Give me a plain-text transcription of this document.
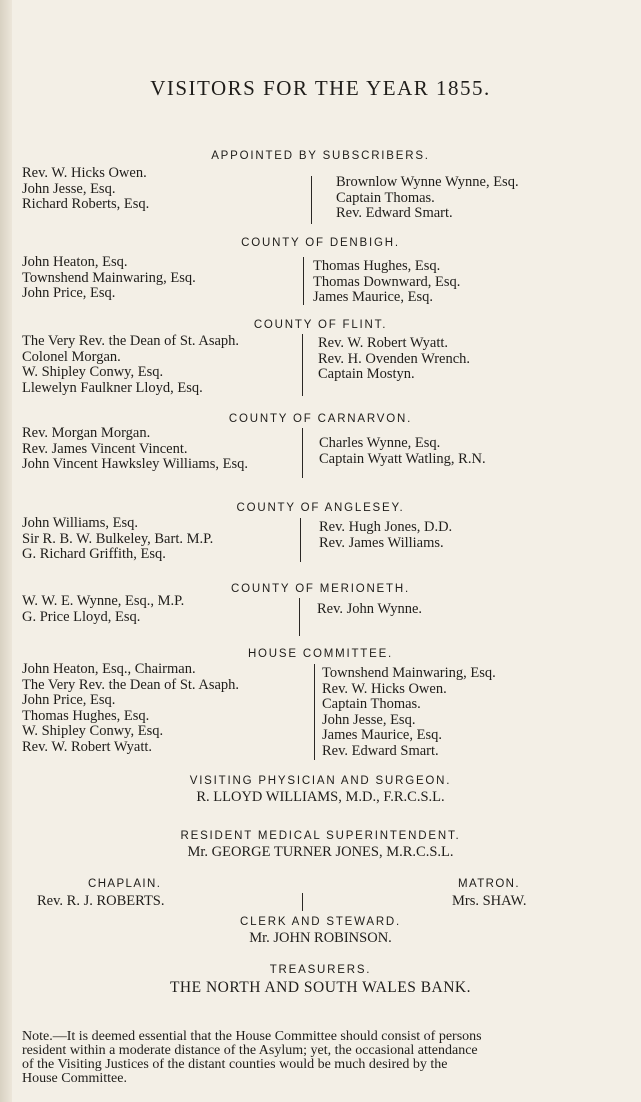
VISITORS FOR THE YEAR 1855.
APPOINTED BY SUBSCRIBERS.
Rev. W. Hicks Owen.
John Jesse, Esq.
Richard Roberts, Esq.
Brownlow Wynne Wynne, Esq.
Captain Thomas.
Rev. Edward Smart.
COUNTY OF DENBIGH.
John Heaton, Esq.
Townshend Mainwaring, Esq.
John Price, Esq.
Thomas Hughes, Esq.
Thomas Downward, Esq.
James Maurice, Esq.
COUNTY OF FLINT.
The Very Rev. the Dean of St. Asaph.
Colonel Morgan.
W. Shipley Conwy, Esq.
Llewelyn Faulkner Lloyd, Esq.
Rev. W. Robert Wyatt.
Rev. H. Ovenden Wrench.
Captain Mostyn.
COUNTY OF CARNARVON.
Rev. Morgan Morgan.
Rev. James Vincent Vincent.
John Vincent Hawksley Williams, Esq.
Charles Wynne, Esq.
Captain Wyatt Watling, R.N.
COUNTY OF ANGLESEY.
John Williams, Esq.
Sir R. B. W. Bulkeley, Bart. M.P.
G. Richard Griffith, Esq.
Rev. Hugh Jones, D.D.
Rev. James Williams.
COUNTY OF MERIONETH.
W. W. E. Wynne, Esq., M.P.
G. Price Lloyd, Esq.	Rev. John Wynne.
HOUSE COMMITTEE.
John Heaton, Esq., Chairman.
The Very Rev. the Dean of St. Asaph.
John Price, Esq.
Thomas Hughes, Esq.
W. Shipley Conwy, Esq.
Rev. W. Robert Wyatt.
Townshend Mainwaring, Esq.
Rev. W. Hicks Owen.
Captain Thomas.
John Jesse, Esq.
James Maurice, Esq.
Rev. Edward Smart.
VISITING PHYSICIAN AND SURGEON.
R. LLOYD WILLIAMS, M.D., F.R.C.S.L.
RESIDENT MEDICAL SUPERINTENDENT.
Mr. GEORGE TURNER JONES, M.R.C.S.L.
CHAPLAIN.
Rev. R. J. ROBERTS.
MATRON.
Mrs. SHAW.
CLERK AND STEWARD.
Mr. JOHN ROBINSON.
TREASURERS.
THE NORTH AND SOUTH WALES BANK.
Note.—It is deemed essential that the House Committee should consist of persons
resident within a moderate distance of the Asylum; yet, the occasional attendance
of the Visiting Justices of the distant counties would be much desired by the
House Committee.
